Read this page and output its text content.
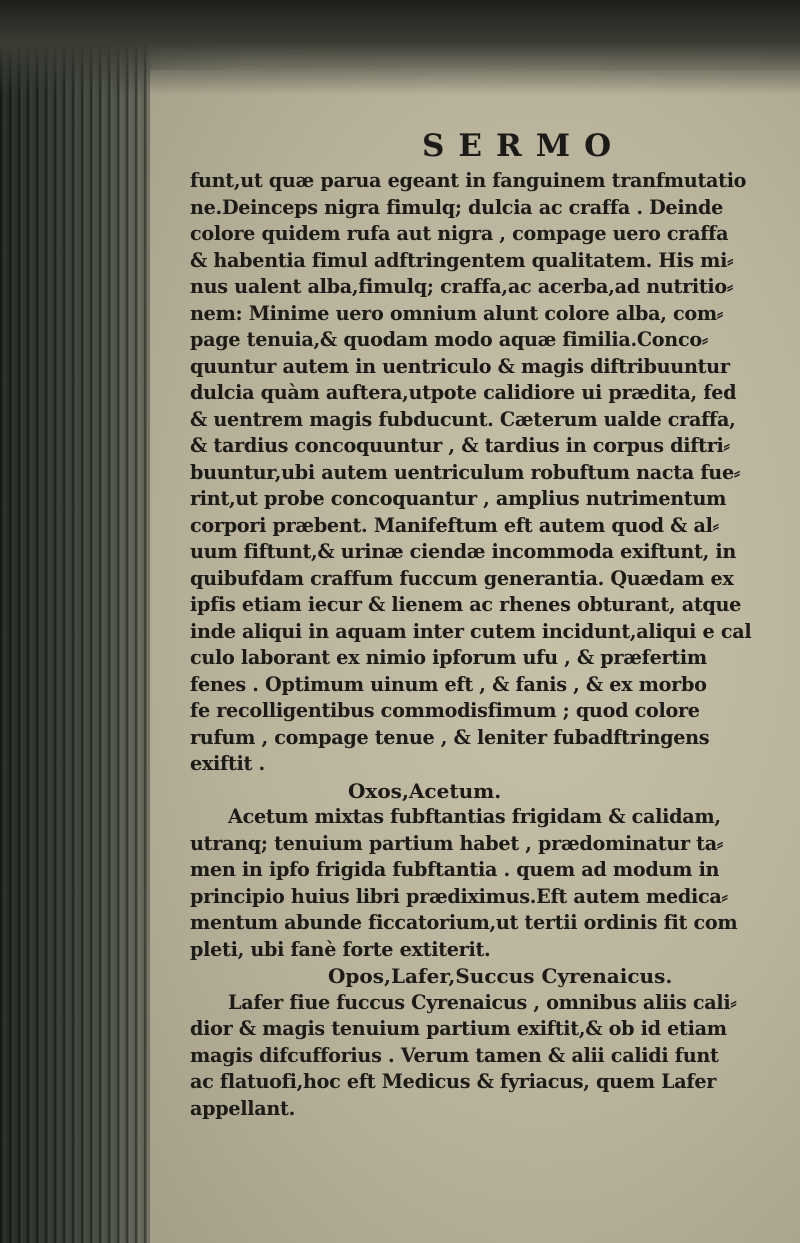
SERMO
funt,ut quæ parua egeant in fanguinem tranfmutatio
ne.Deinceps nigra fimulq; dulcia ac craffa . Deinde
colore quidem rufa aut nigra , compage uero craffa
& habentia fimul adftringentem qualitatem. His mi⸗
nus ualent alba,fimulq; craffa,ac acerba,ad nutritio⸗
nem: Minime uero omnium alunt colore alba, com⸗
page tenuia,& quodam modo aquæ fimilia.Conco⸗
quuntur autem in uentriculo & magis diftribuuntur
dulcia quàm auftera,utpote calidiore ui prædita, fed
& uentrem magis fubducunt. Cæterum ualde craffa,
& tardius concoquuntur , & tardius in corpus diftri⸗
buuntur,ubi autem uentriculum robuftum nacta fue⸗
rint,ut probe concoquantur , amplius nutrimentum
corpori præbent. Manifeftum eft autem quod & al⸗
uum fiftunt,& urinæ ciendæ incommoda exiftunt, in
quibufdam craffum fuccum generantia. Quædam ex
ipfis etiam iecur & lienem ac rhenes obturant, atque
inde aliqui in aquam inter cutem incidunt,aliqui e cal
culo laborant ex nimio ipforum ufu , & præfertim
fenes . Optimum uinum eft , & fanis , & ex morbo
fe recolligentibus commodisfimum ; quod colore
rufum , compage tenue , & leniter fubadftringens
exiftit .
Oxos,Acetum.
Acetum mixtas fubftantias frigidam & calidam,
utranq; tenuium partium habet , prædominatur ta⸗
men in ipfo frigida fubftantia . quem ad modum in
principio huius libri prædiximus.Eft autem medica⸗
mentum abunde ficcatorium,ut tertii ordinis fit com
pleti, ubi fanè forte extiterit.
Opos,Lafer,Succus Cyrenaicus.
Lafer fiue fuccus Cyrenaicus , omnibus aliis cali⸗
dior & magis tenuium partium exiftit,& ob id etiam
magis difcufforius . Verum tamen & alii calidi funt
ac flatuofi,hoc eft Medicus & fyriacus, quem Lafer
appellant.
